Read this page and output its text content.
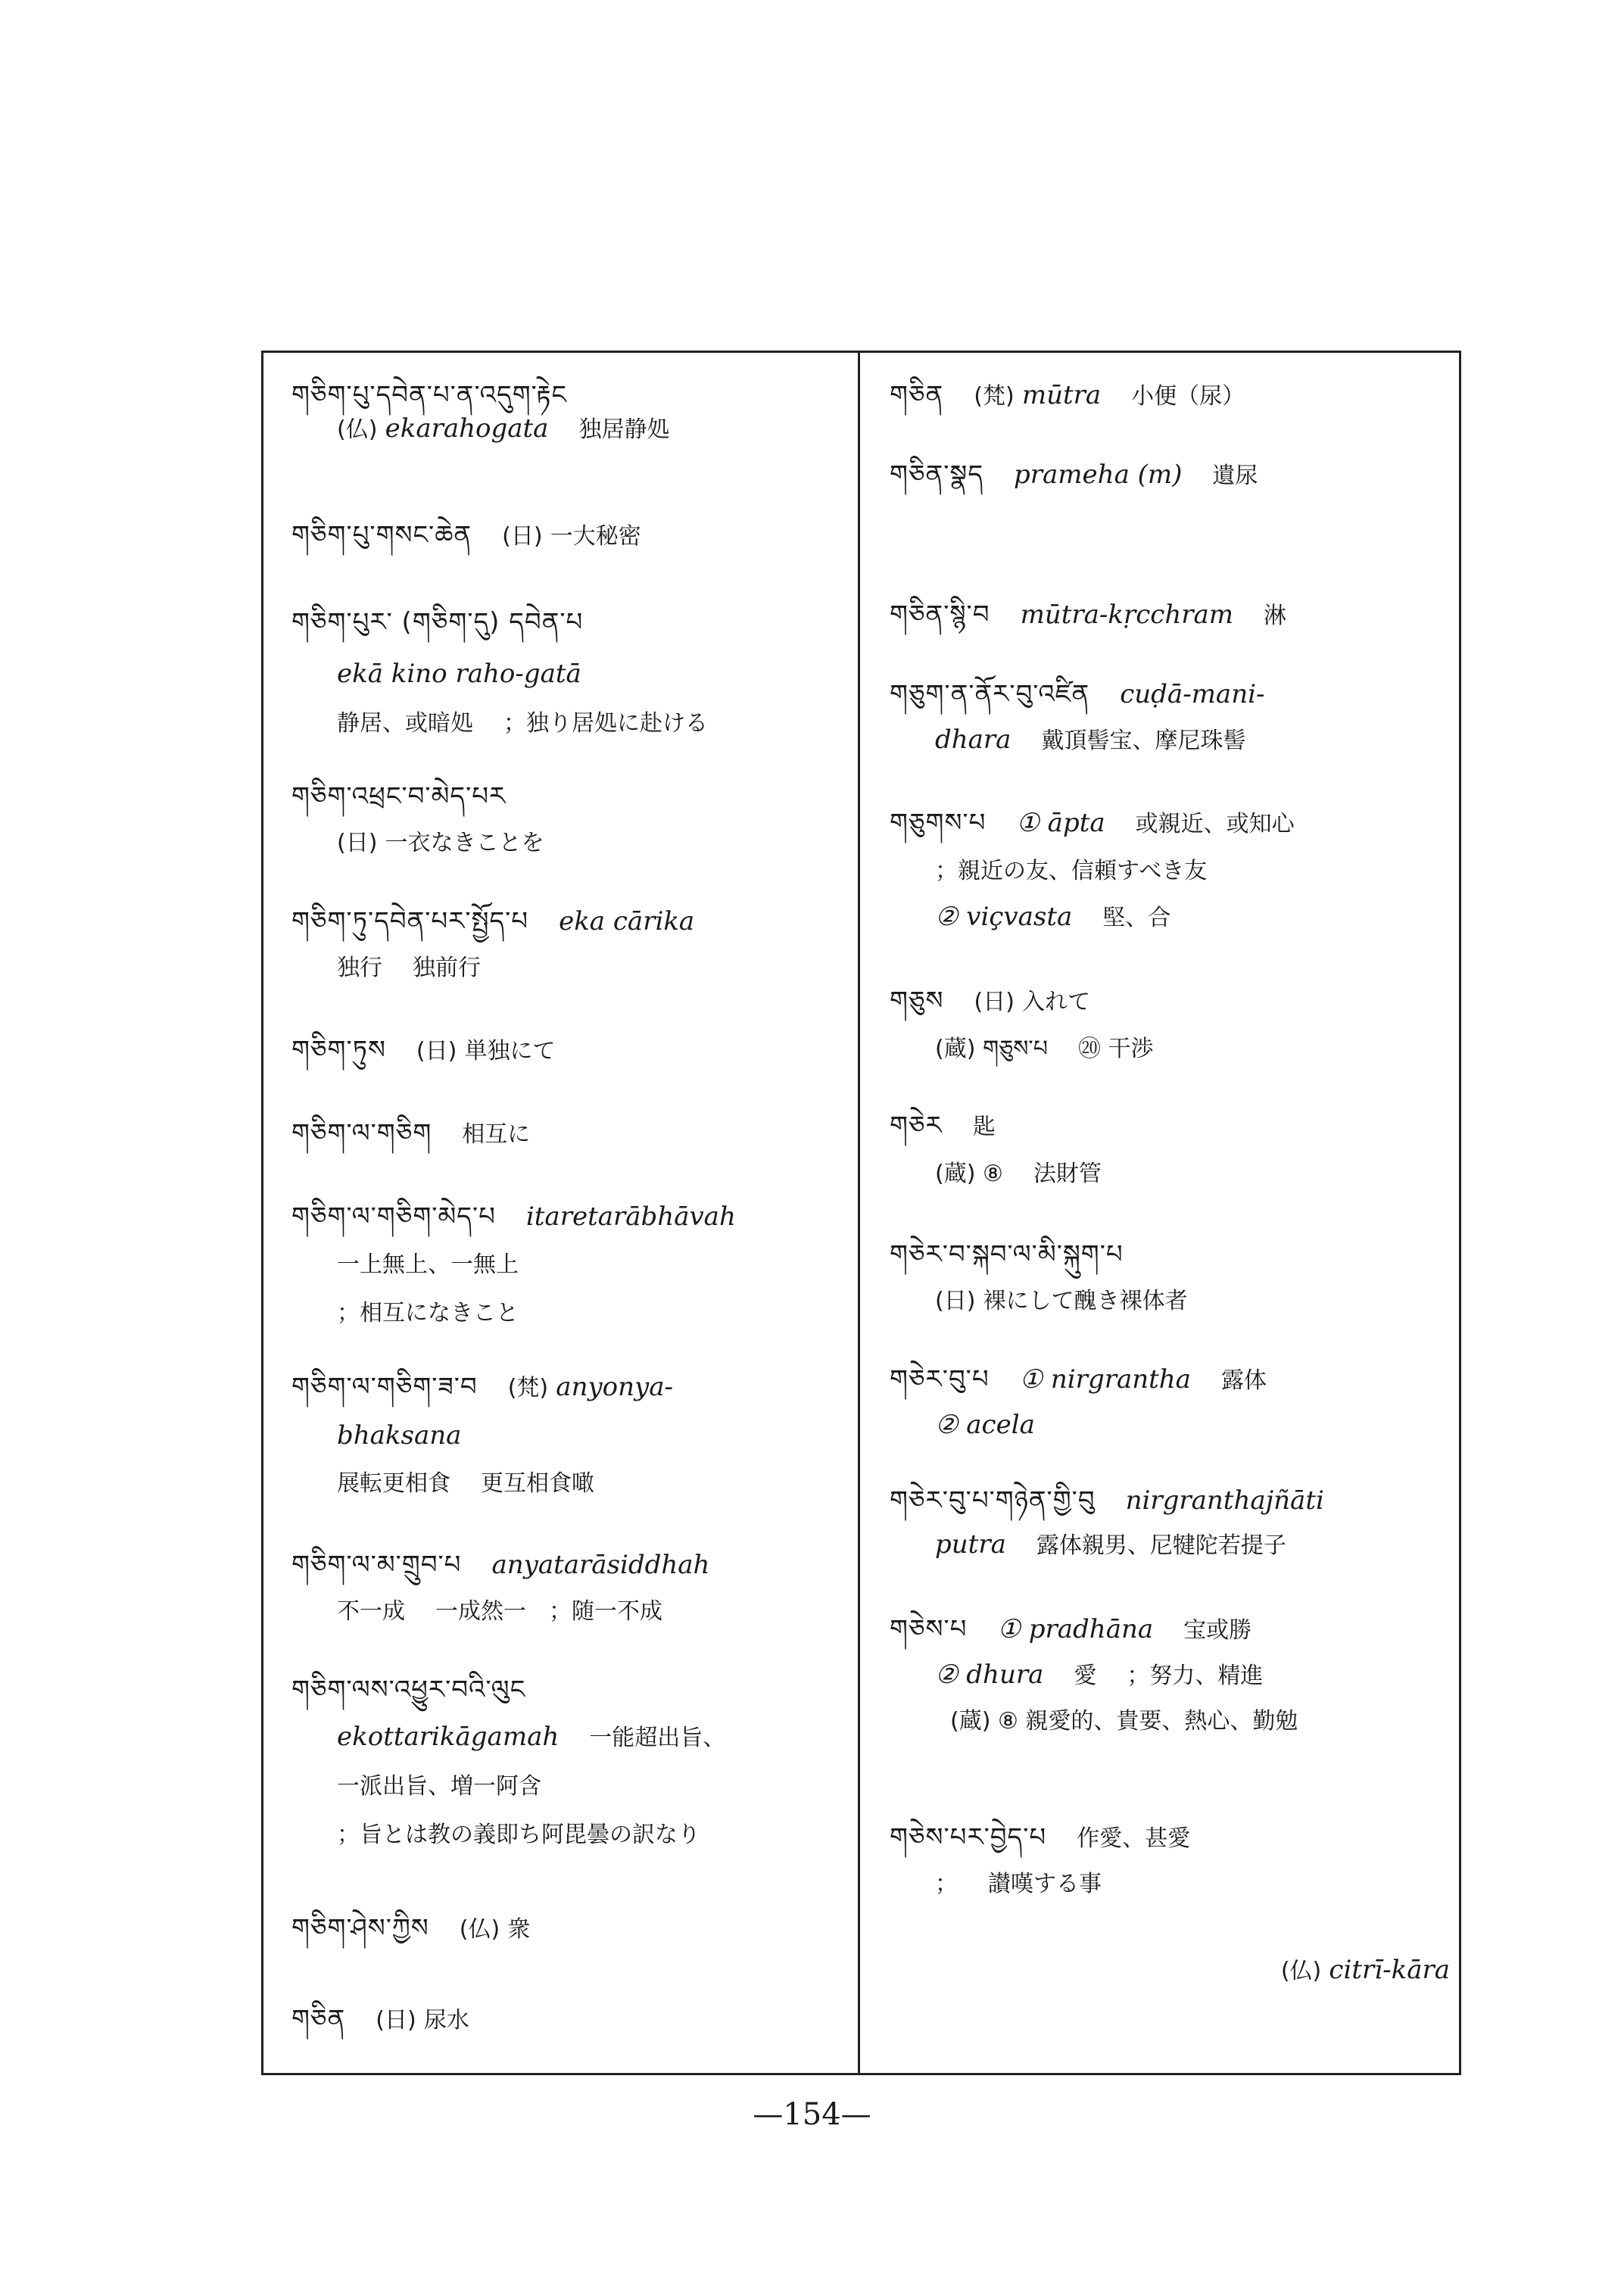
གཅིག་པུ་དབེན་པ་ན་འདུག་རྟེང
(仏) ekarahogata 独居静処
གཅིག་པུ་གསང་ཆེན (日) 一大秘密
གཅིག་པུར་ (གཅིག་དུ) དབེན་པ
ekā kino raho-gatā
静居、或暗処 ；独り居処に赴ける
གཅིག་འཕྲང་བ་མེད་པར
(日) 一衣なきことを
གཅིག་ཏུ་དབེན་པར་སྤྱོད་པ eka cārika
独行 独前行
གཅིག་ཏུས (日) 単独にて
གཅིག་ལ་གཅིག 相互に
གཅིག་ལ་གཅིག་མེད་པ itaretarābhāvah
一上無上、一無上
；相互になきこと
གཅིག་ལ་གཅིག་ཟ་བ (梵) anyonya-
bhaksana
展転更相食 更互相食噉
གཅིག་ལ་མ་གྲུབ་པ anyatarāsiddhah
不一成 一成然一　；随一不成
གཅིག་ལས་འཕྱུར་བའི་ལུང
ekottarikāgamah 一能超出旨、
一派出旨、増一阿含
；旨とは教の義即ち阿毘曇の訳なり
གཅིག་ཤེས་ཀྱིས (仏) 衆
གཅིན (日) 尿水
གཅིན (梵) mūtra 小便（尿）
གཅིན་སྣད prameha (m) 遺尿
གཅིན་སྙི་བ mūtra-kṛcchram 淋
གཅུག་ན་ནོར་བུ་འཛིན cuḍā-mani-
dhara 戴頂髻宝、摩尼珠髻
གཅུགས་པ ① āpta 或親近、或知心
；親近の友、信頼すべき友
② viçvasta 堅、合
གཅུས (日) 入れて
(蔵) གཅུས་པ ⑳ 干渉
གཅེར 匙
(蔵) ⑧ 法財管
གཅེར་བ་སྐབ་ལ་མི་སྐུག་པ
(日) 裸にして醜き裸体者
གཅེར་བུ་པ ① nirgrantha 露体
② acela
གཅེར་བུ་པ་གཉེན་གྱི་བུ nirgranthajñāti
putra 露体親男、尼犍陀若提子
གཅེས་པ ① pradhāna 宝或勝
② dhura 愛 ；努力、精進
(蔵) ⑧ 親愛的、貴要、熱心、勤勉
གཅེས་པར་བྱེད་པ 作愛、甚愛
； 讃嘆する事
(仏) citrī-kāra
—154—
